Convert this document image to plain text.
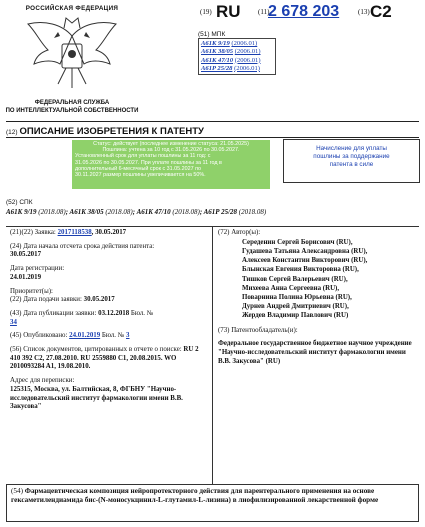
РОССИЙСКАЯ ФЕДЕРАЦИЯ
ФЕДЕРАЛЬНАЯ СЛУЖБА
ПО ИНТЕЛЛЕКТУАЛЬНОЙ СОБСТВЕННОСТИ
(19) RU (11)
2 678 203	(13) C2
(51) МПК
A61K 9/19 (2006.01)
A61K 38/05 (2006.01)
A61K 47/10 (2006.01)
A61P 25/28 (2006.01)
(12) ОПИСАНИЕ ИЗОБРЕТЕНИЯ К ПАТЕНТУ
Статус: действует (последнее изменение статуса: 21.05.2025)
Пошлина: учтена за 10 год с 31.05.2026 по 30.05.2027.
Установленный срок для уплаты пошлины за 11 год: с
31.05.2026 по 30.05.2027. При уплате пошлины за 11 год в
дополнительный 6-месячный срок с 31.05.2027 по
30.11.2027 размер пошлины увеличивается на 50%.
Начисление для уплаты
пошлины за поддержание
патента в силе
(52) СПК
A61K 9/19 (2018.08); A61K 38/05 (2018.08); A61K 47/10 (2018.08); A61P 25/28 (2018.08)

(21)(22) Заявка: 2017118538, 30.05.2017

(24) Дата начала отсчета срока действия патента:
30.05.2017

Дата регистрации:
24.01.2019

Приоритет(ы):
(22) Дата подачи заявки: 30.05.2017

(43) Дата публикации заявки: 03.12.2018 Бюл. №
34

(45) Опубликовано: 24.01.2019 Бюл. № 3

(56) Список документов, цитированных в отчете о поиске: RU 2 410 392 C2, 27.08.2010. RU 2559880 C1, 20.08.2015. WO 2010093284 A1, 19.08.2010.

Адрес для переписки:
125315, Москва, ул. Балтийская, 8, ФГБНУ "Научно-исследовательский институт фармакологии имени В.В. Закусова"

(72) Автор(ы):

Середенин Сергей Борисович (RU),
Гудашева Татьяна Александровна (RU),
Алексеев Константин Викторович (RU),
Блынская Евгения Викторовна (RU),
Тишков Сергей Валерьевич (RU),
Михеева Анна Сергеевна (RU),
Поварнина Полина Юрьевна (RU),
Дурнев Андрей Дмитриевич (RU),
Жердев Владимир Павлович (RU)

(73) Патентообладатель(и):

Федеральное государственное бюджетное научное учреждение "Научно-исследовательский институт фармакологии имени В.В. Закусова" (RU)

(54) Фармацевтическая композиция нейропротекторного действия для парентерального применения на основе гексаметилендиамида бис-(N-моносукцинил-L-глутамил-L-лизина) в лиофилизированной лекарственной форме
